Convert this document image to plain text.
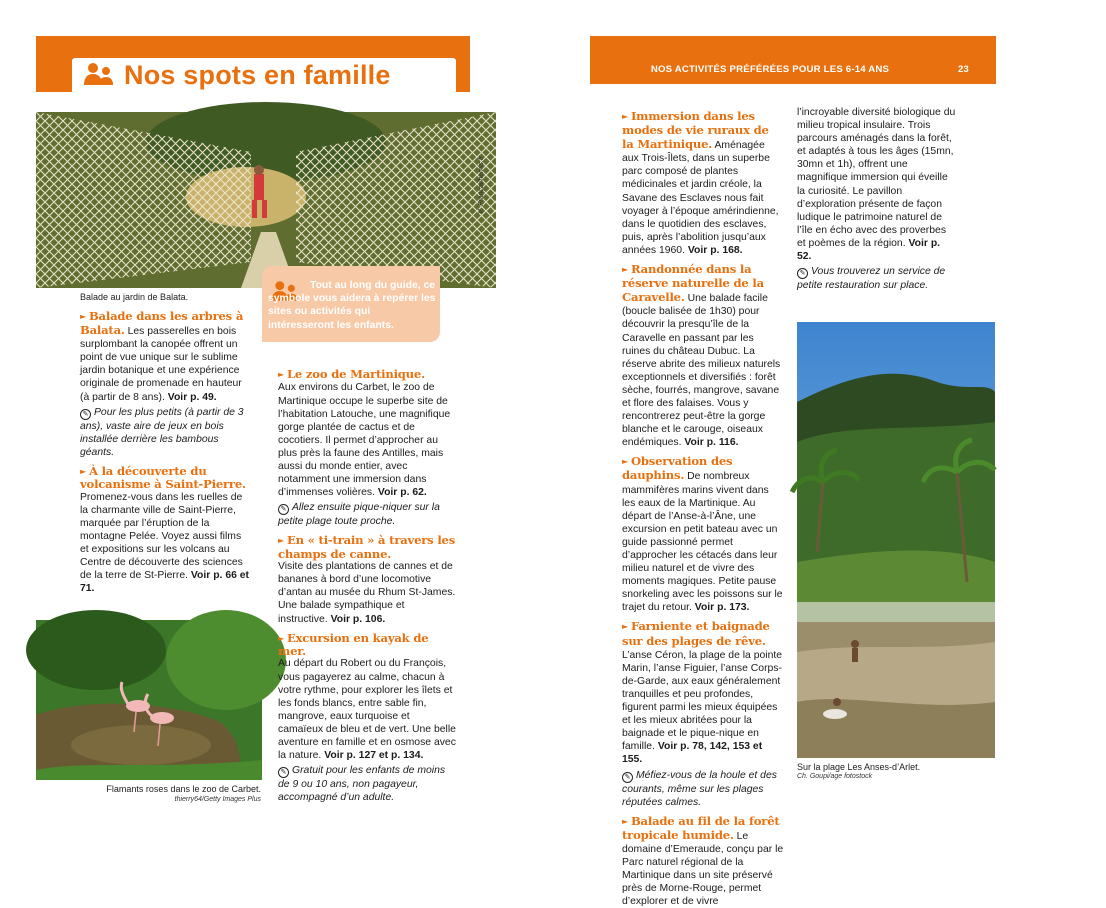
Nos spots en famille
V. Françai/hemis.fr
Balade au jardin de Balata.
Tout au long du guide, ce symbole vous aidera à repérer les sites ou activités qui intéresseront les enfants.
► Balade dans les arbres à Balata. Les passerelles en bois surplombant la canopée offrent un point de vue unique sur le sublime jardin botanique et une expérience originale de promenade en hauteur (à partir de 8 ans). Voir p. 49.
✎ Pour les plus petits (à partir de 3 ans), vaste aire de jeux en bois installée derrière les bambous géants.
► À la découverte du volcanisme à Saint-Pierre.
Promenez-vous dans les ruelles de la charmante ville de Saint-Pierre, marquée par l’éruption de la montagne Pelée. Voyez aussi films et expositions sur les volcans au Centre de découverte des sciences de la terre de St-Pierre. Voir p. 66 et 71.
Flamants roses dans le zoo de Carbet.
thierry64/Getty Images Plus
► Le zoo de Martinique.
Aux environs du Carbet, le zoo de Martinique occupe le superbe site de l’habitation Latouche, une magnifique gorge plantée de cactus et de cocotiers. Il permet d’approcher au plus près la faune des Antilles, mais aussi du monde entier, avec notamment une immersion dans d’immenses volières. Voir p. 62.
✎ Allez ensuite pique-niquer sur la petite plage toute proche.
► En « ti-train » à travers les champs de canne.
Visite des plantations de cannes et de bananes à bord d’une locomotive d’antan au musée du Rhum St-James. Une balade sympathique et instructive. Voir p. 106.
► Excursion en kayak de mer.
Au départ du Robert ou du François, vous pagayerez au calme, chacun à votre rythme, pour explorer les îlets et les fonds blancs, entre sable fin, mangrove, eaux turquoise et camaïeux de bleu et de vert. Une belle aventure en famille et en osmose avec la nature. Voir p. 127 et p. 134.
✎ Gratuit pour les enfants de moins de 9 ou 10 ans, non pagayeur, accompagné d’un adulte.
NOS ACTIVITÉS PRÉFÉRÉES POUR LES 6-14 ANS	23
► Immersion dans les modes de vie ruraux de la Martinique. Aménagée aux Trois-Îlets, dans un superbe parc composé de plantes médicinales et jardin créole, la Savane des Esclaves nous fait voyager à l’époque amérindienne, dans le quotidien des esclaves, puis, après l’abolition jusqu’aux années 1960. Voir p. 168.
► Randonnée dans la réserve naturelle de la Caravelle. Une balade facile (boucle balisée de 1h30) pour découvrir la presqu’île de la Caravelle en passant par les ruines du château Dubuc. La réserve abrite des milieux naturels exceptionnels et diversifiés : forêt sèche, fourrés, mangrove, savane et flore des falaises. Vous y rencontrerez peut-être la gorge blanche et le carouge, oiseaux endémiques. Voir p. 116.
► Observation des dauphins. De nombreux mammifères marins vivent dans les eaux de la Martinique. Au départ de l’Anse-à-l’Âne, une excursion en petit bateau avec un guide passionné permet d’approcher les cétacés dans leur milieu naturel et de vivre des moments magiques. Petite pause snorkeling avec les poissons sur le trajet du retour. Voir p. 173.
► Farniente et baignade sur des plages de rêve. L’anse Céron, la plage de la pointe Marin, l’anse Figuier, l’anse Corps-de-Garde, aux eaux généralement tranquilles et peu profondes, figurent parmi les mieux équipées et les mieux abritées pour la baignade et le pique-nique en famille. Voir p. 78, 142, 153 et 155.
✎ Méfiez-vous de la houle et des courants, même sur les plages réputées calmes.
► Balade au fil de la forêt tropicale humide. Le domaine d’Emeraude, conçu par le Parc naturel régional de la Martinique dans un site préservé près de Morne-Rouge, permet d’explorer et de vivre
l’incroyable diversité biologique du milieu tropical insulaire. Trois parcours aménagés dans la forêt, et adaptés à tous les âges (15mn, 30mn et 1h), offrent une magnifique immersion qui éveille la curiosité. Le pavillon d’exploration présente de façon ludique le patrimoine naturel de l’île en écho avec des proverbes et poèmes de la région. Voir p. 52.
✎ Vous trouverez un service de petite restauration sur place.
Sur la plage Les Anses-d’Arlet.
Ch. Goupi/age fotostock
